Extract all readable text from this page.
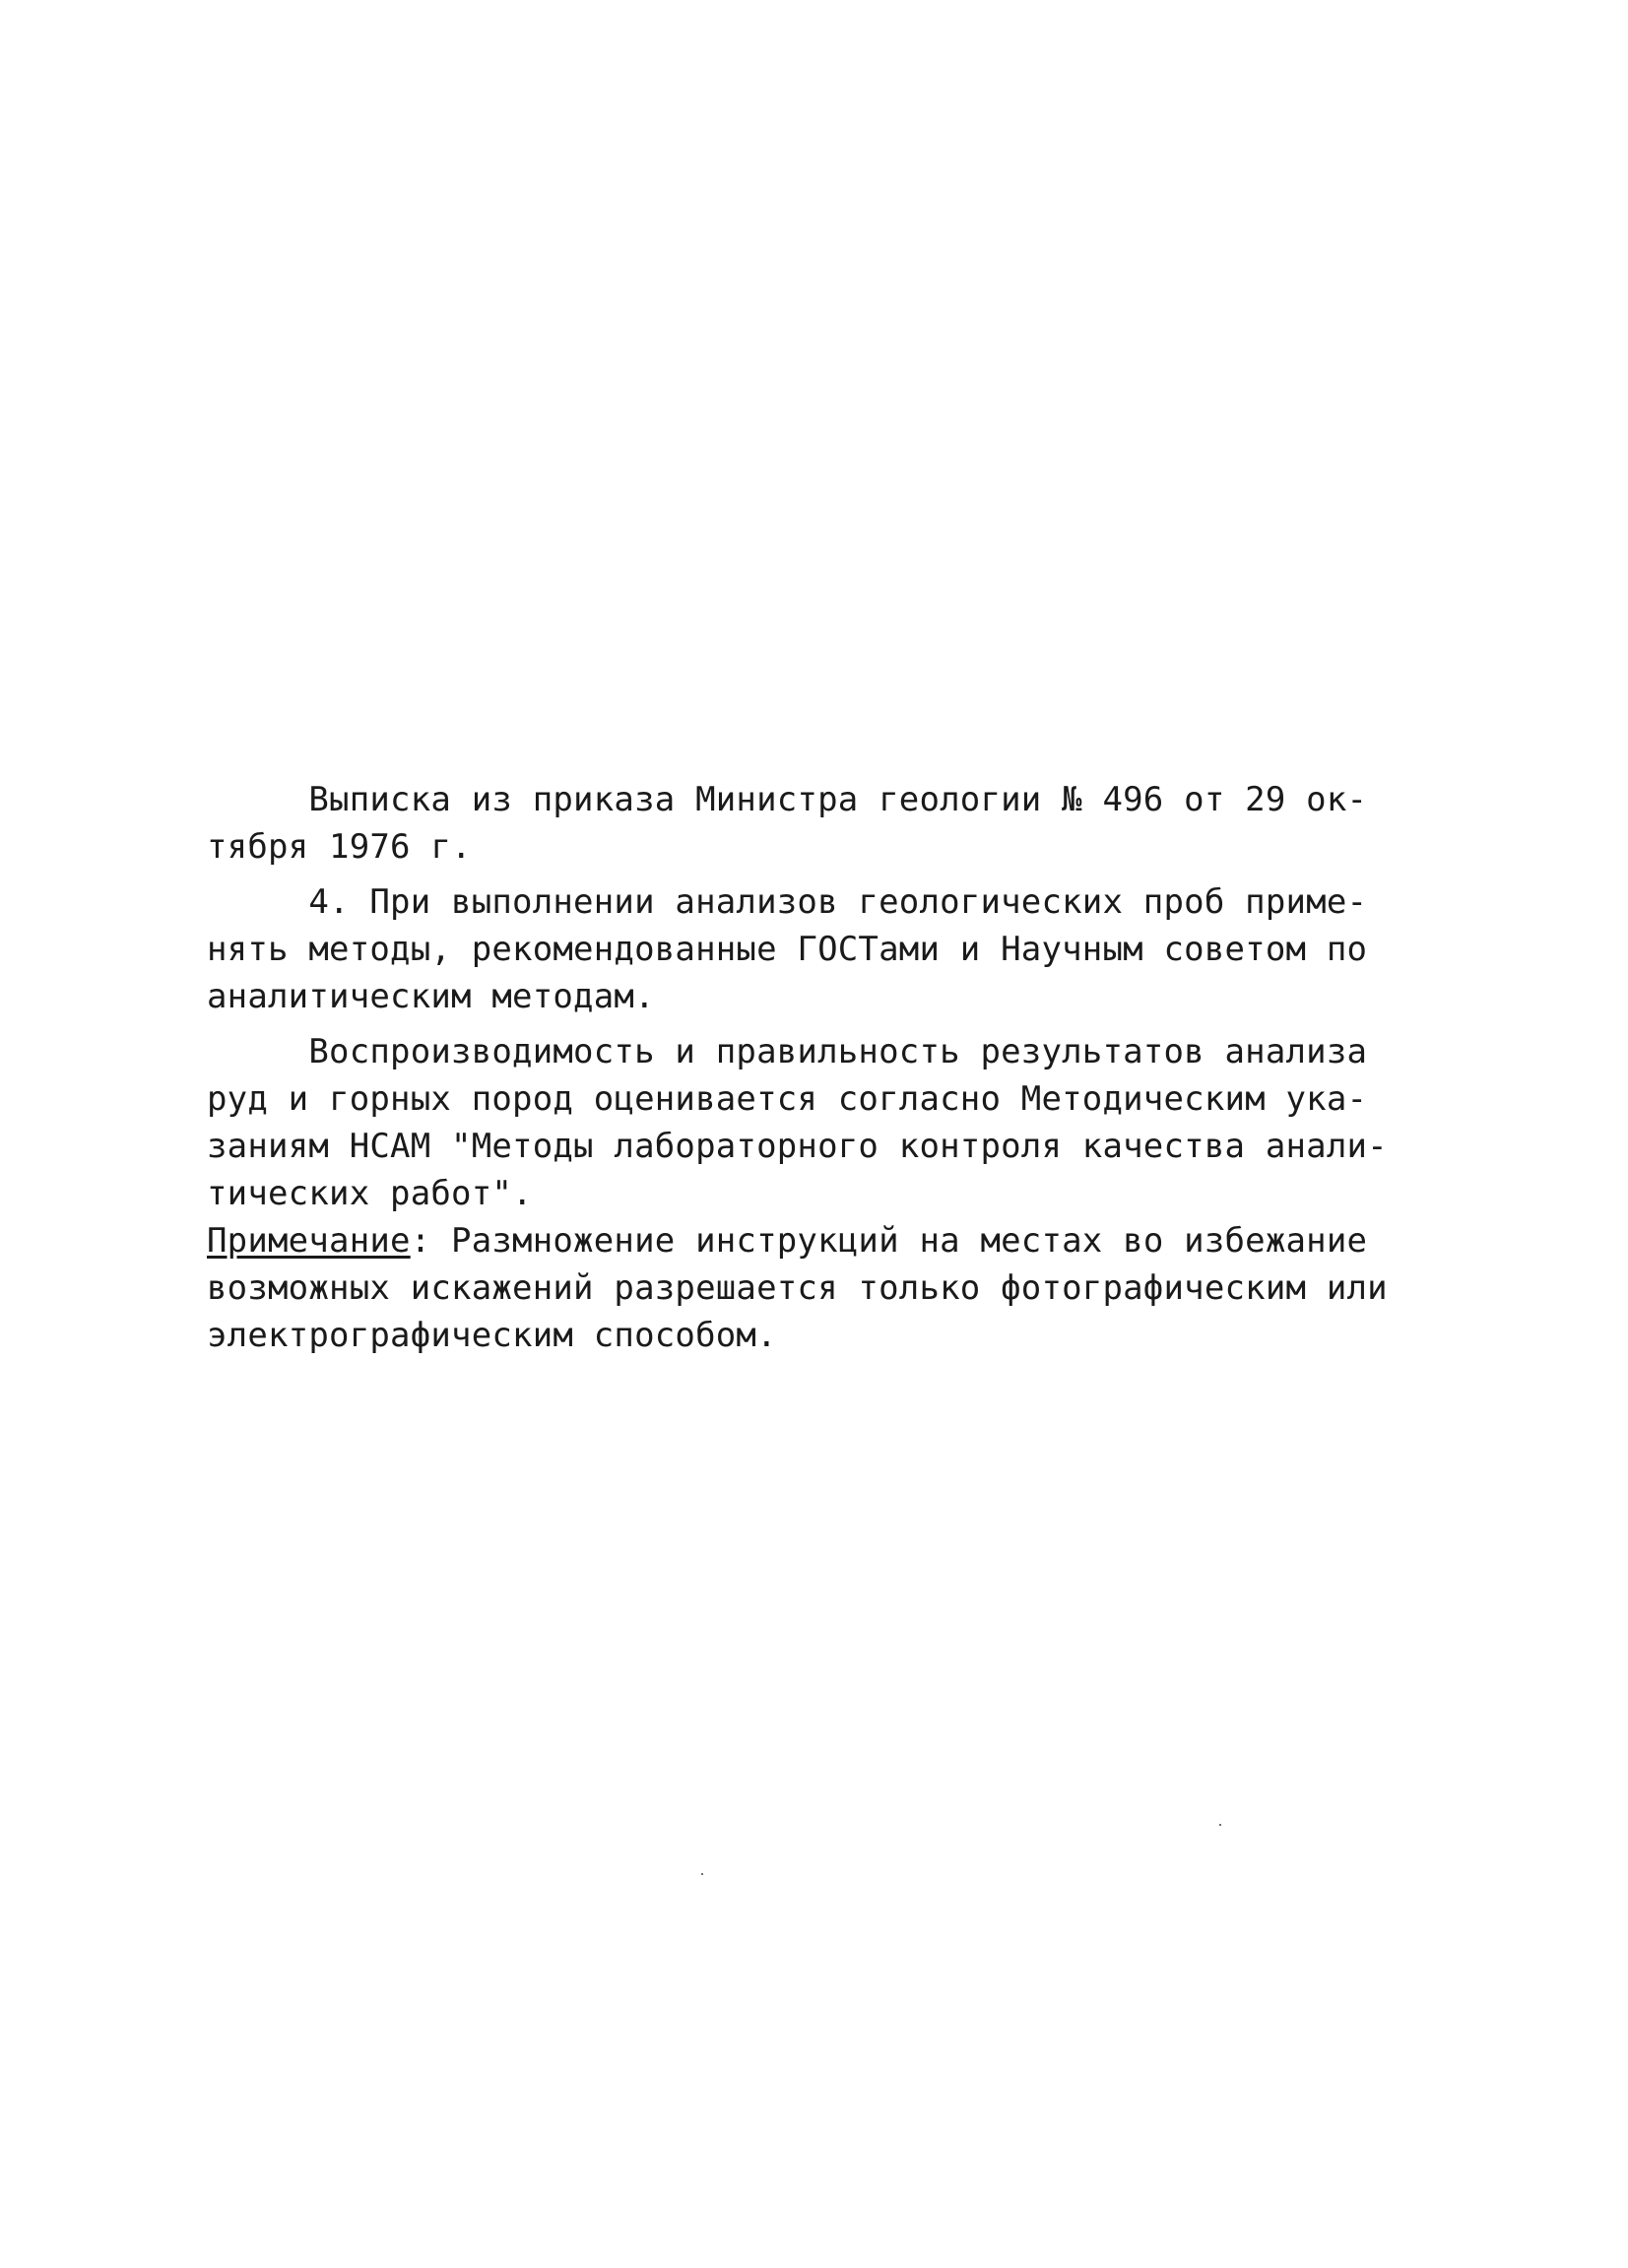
Выписка из приказа Министра геологии № 496 от 29 ок-
тября 1976 г.
4. При выполнении анализов геологических проб приме-
нять методы, рекомендованные ГОСТами и Научным советом по
аналитическим методам.
Воспроизводимость и правильность результатов анализа
руд и горных пород оценивается согласно Методическим ука-
заниям НСАМ "Методы лабораторного контроля качества анали-
тических работ".
Примечание: Размножение инструкций на местах во избежание
возможных искажений разрешается только фотографическим или
электрографическим способом.
